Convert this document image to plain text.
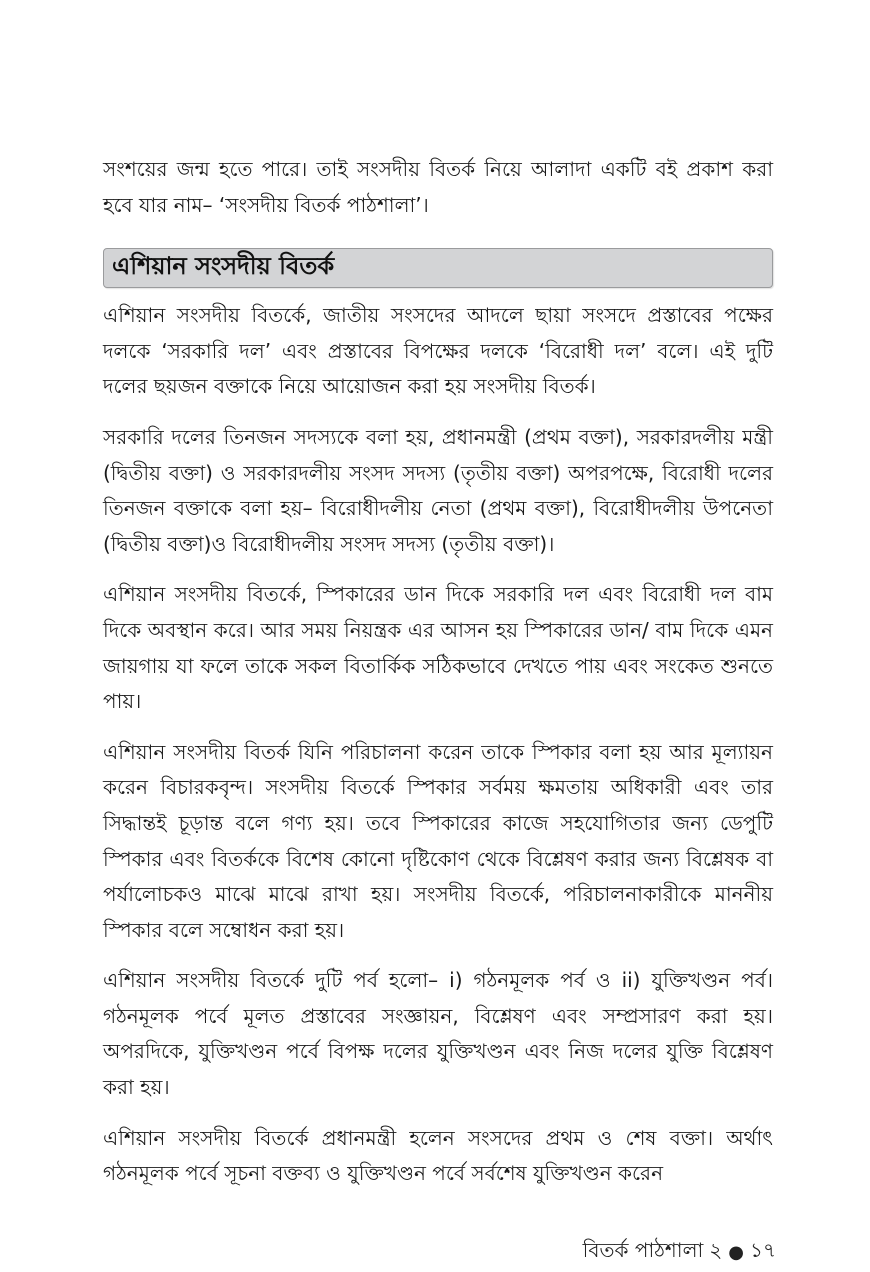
সংশয়ের জন্ম হতে পারে। তাই সংসদীয় বিতর্ক নিয়ে আলাদা একটি বই প্রকাশ করা হবে যার নাম– ‘সংসদীয় বিতর্ক পাঠশালা’।

এশিয়ান সংসদীয় বিতর্ক

এশিয়ান সংসদীয় বিতর্কে, জাতীয় সংসদের আদলে ছায়া সংসদে প্রস্তাবের পক্ষের দলকে ‘সরকারি দল’ এবং প্রস্তাবের বিপক্ষের দলকে ‘বিরোধী দল’ বলে। এই দুটি দলের ছয়জন বক্তাকে নিয়ে আয়োজন করা হয় সংসদীয় বিতর্ক।

সরকারি দলের তিনজন সদস্যকে বলা হয়, প্রধানমন্ত্রী (প্রথম বক্তা), সরকারদলীয় মন্ত্রী (দ্বিতীয় বক্তা) ও সরকারদলীয় সংসদ সদস্য (তৃতীয় বক্তা) অপরপক্ষে, বিরোধী দলের তিনজন বক্তাকে বলা হয়– বিরোধীদলীয় নেতা (প্রথম বক্তা), বিরোধীদলীয় উপনেতা (দ্বিতীয় বক্তা)ও বিরোধীদলীয় সংসদ সদস্য (তৃতীয় বক্তা)।

এশিয়ান সংসদীয় বিতর্কে, স্পিকারের ডান দিকে সরকারি দল এবং বিরোধী দল বাম দিকে অবস্থান করে। আর সময় নিয়ন্ত্রক এর আসন হয় স্পিকারের ডান/ বাম দিকে এমন জায়গায় যা ফলে তাকে সকল বিতার্কিক সঠিকভাবে দেখতে পায় এবং সংকেত শুনতে পায়।

এশিয়ান সংসদীয় বিতর্ক যিনি পরিচালনা করেন তাকে স্পিকার বলা হয় আর মূল্যায়ন করেন বিচারকবৃন্দ। সংসদীয় বিতর্কে স্পিকার সর্বময় ক্ষমতায় অধিকারী এবং তার সিদ্ধান্তই চূড়ান্ত বলে গণ্য হয়। তবে স্পিকারের কাজে সহযোগিতার জন্য ডেপুটি স্পিকার এবং বিতর্ককে বিশেষ কোনো দৃষ্টিকোণ থেকে বিশ্লেষণ করার জন্য বিশ্লেষক বা পর্যালোচকও মাঝে মাঝে রাখা হয়। সংসদীয় বিতর্কে, পরিচালনাকারীকে মাননীয় স্পিকার বলে সম্বোধন করা হয়।

এশিয়ান সংসদীয় বিতর্কে দুটি পর্ব হলো– i) গঠনমূলক পর্ব ও ii) যুক্তিখণ্ডন পর্ব। গঠনমূলক পর্বে মূলত প্রস্তাবের সংজ্ঞায়ন, বিশ্লেষণ এবং সম্প্রসারণ করা হয়। অপরদিকে, যুক্তিখণ্ডন পর্বে বিপক্ষ দলের যুক্তিখণ্ডন এবং নিজ দলের যুক্তি বিশ্লেষণ করা হয়।

এশিয়ান সংসদীয় বিতর্কে প্রধানমন্ত্রী হলেন সংসদের প্রথম ও শেষ বক্তা। অর্থাৎ গঠনমূলক পর্বে সূচনা বক্তব্য ও যুক্তিখণ্ডন পর্বে সর্বশেষ যুক্তিখণ্ডন করেন

বিতর্ক পাঠশালা ২ ● ১৭
